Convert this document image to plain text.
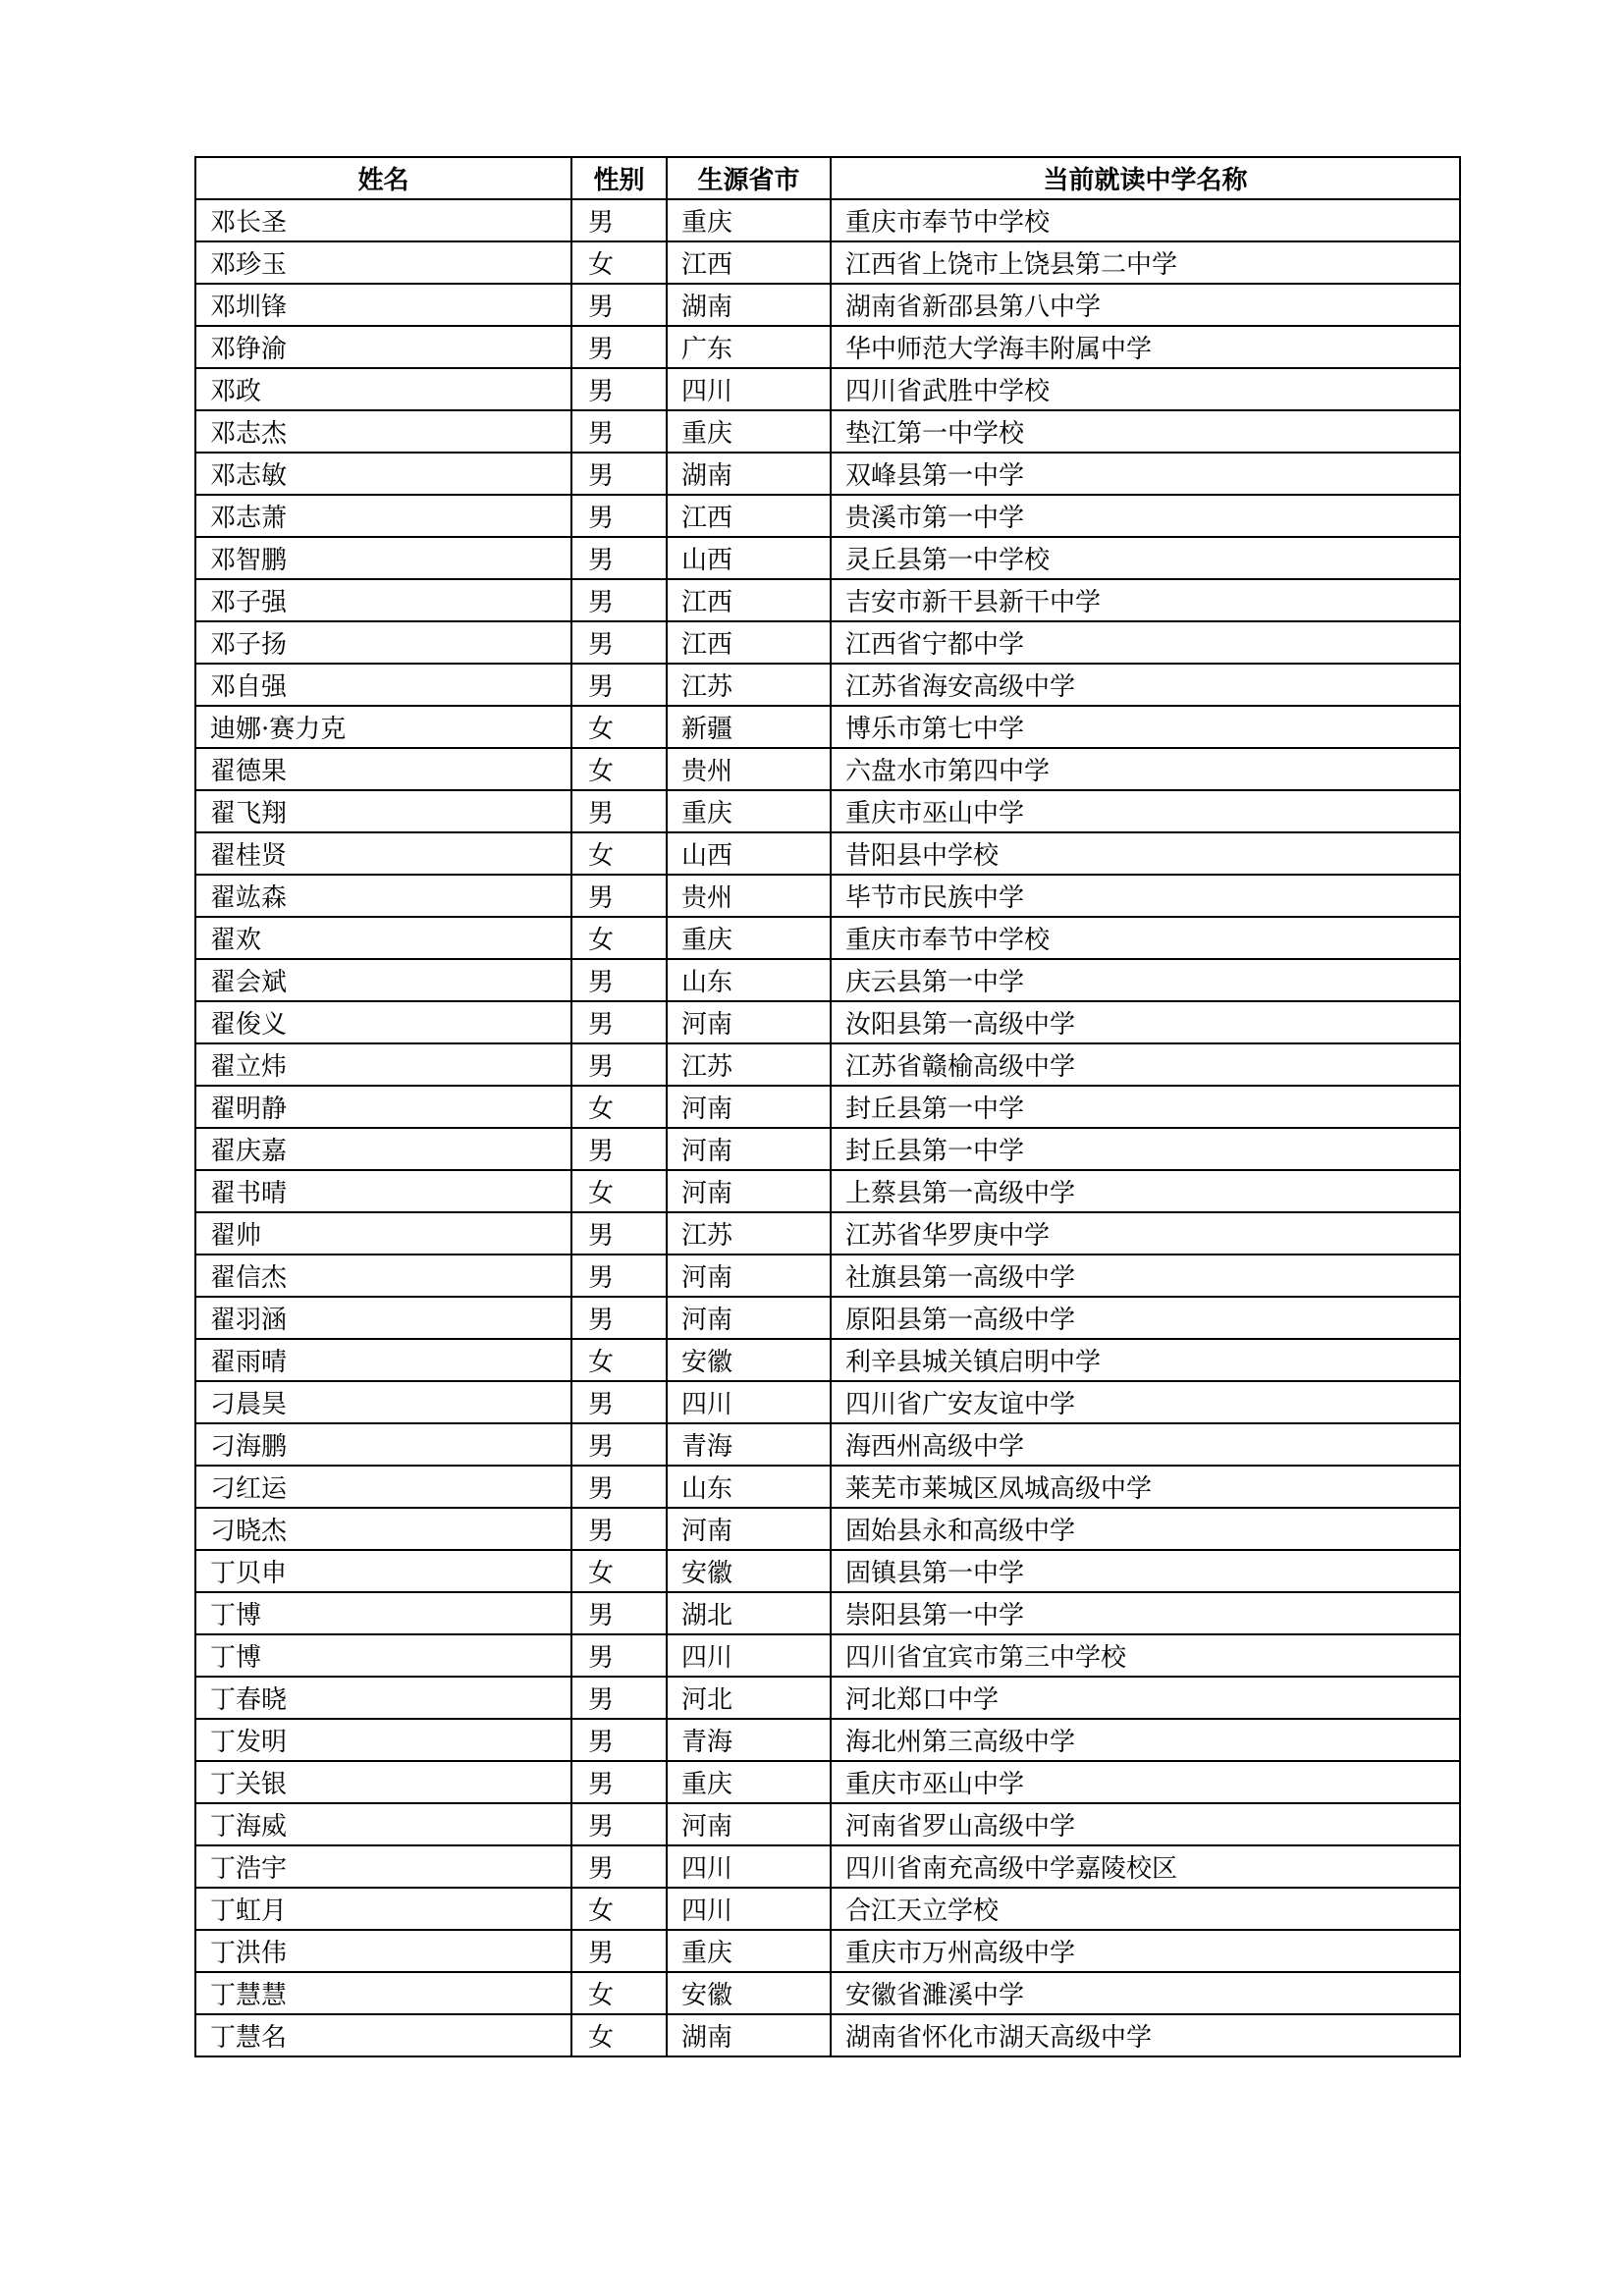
姓名	性别	生源省市	当前就读中学名称
邓长圣	男	重庆	重庆市奉节中学校
邓珍玉	女	江西	江西省上饶市上饶县第二中学
邓圳锋	男	湖南	湖南省新邵县第八中学
邓铮渝	男	广东	华中师范大学海丰附属中学
邓政	男	四川	四川省武胜中学校
邓志杰	男	重庆	垫江第一中学校
邓志敏	男	湖南	双峰县第一中学
邓志萧	男	江西	贵溪市第一中学
邓智鹏	男	山西	灵丘县第一中学校
邓子强	男	江西	吉安市新干县新干中学
邓子扬	男	江西	江西省宁都中学
邓自强	男	江苏	江苏省海安高级中学
迪娜·赛力克	女	新疆	博乐市第七中学
翟德果	女	贵州	六盘水市第四中学
翟飞翔	男	重庆	重庆市巫山中学
翟桂贤	女	山西	昔阳县中学校
翟竑森	男	贵州	毕节市民族中学
翟欢	女	重庆	重庆市奉节中学校
翟会斌	男	山东	庆云县第一中学
翟俊义	男	河南	汝阳县第一高级中学
翟立炜	男	江苏	江苏省赣榆高级中学
翟明静	女	河南	封丘县第一中学
翟庆嘉	男	河南	封丘县第一中学
翟书晴	女	河南	上蔡县第一高级中学
翟帅	男	江苏	江苏省华罗庚中学
翟信杰	男	河南	社旗县第一高级中学
翟羽涵	男	河南	原阳县第一高级中学
翟雨晴	女	安徽	利辛县城关镇启明中学
刁晨昊	男	四川	四川省广安友谊中学
刁海鹏	男	青海	海西州高级中学
刁红运	男	山东	莱芜市莱城区凤城高级中学
刁晓杰	男	河南	固始县永和高级中学
丁贝申	女	安徽	固镇县第一中学
丁博	男	湖北	崇阳县第一中学
丁博	男	四川	四川省宜宾市第三中学校
丁春晓	男	河北	河北郑口中学
丁发明	男	青海	海北州第三高级中学
丁关银	男	重庆	重庆市巫山中学
丁海威	男	河南	河南省罗山高级中学
丁浩宇	男	四川	四川省南充高级中学嘉陵校区
丁虹月	女	四川	合江天立学校
丁洪伟	男	重庆	重庆市万州高级中学
丁慧慧	女	安徽	安徽省濉溪中学
丁慧名	女	湖南	湖南省怀化市湖天高级中学
